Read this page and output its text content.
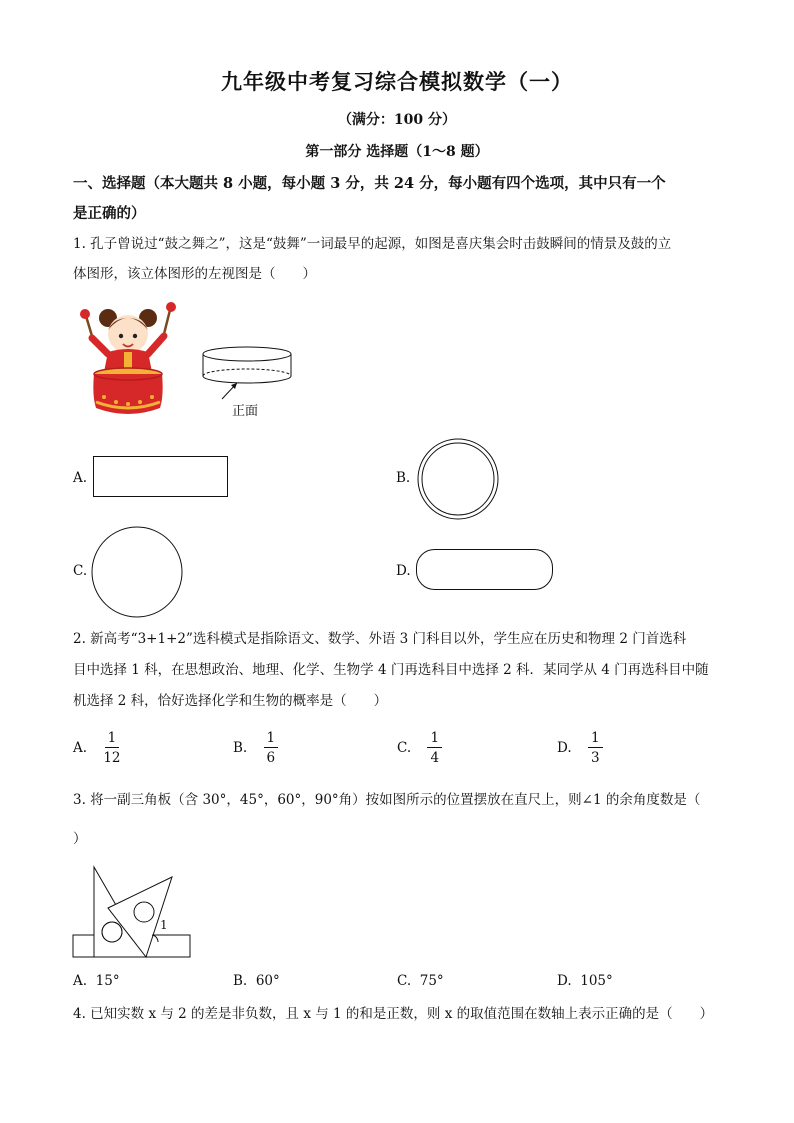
九年级中考复习综合模拟数学（一）
（满分：100 分）
第一部分 选择题（1～8 题）
一、选择题（本大题共 8 小题，每小题 3 分，共 24 分，每小题有四个选项，其中只有一个
是正确的）
1. 孔子曾说过“鼓之舞之”，这是“鼓舞”一词最早的起源，如图是喜庆集会时击鼓瞬间的情景及鼓的立
体图形，该立体图形的左视图是（　　）
正面
A.	B.
C.	D.
2. 新高考“3+1+2”选科模式是指除语文、数学、外语 3 门科目以外，学生应在历史和物理 2 门首选科
目中选择 1 科，在思想政治、地理、化学、生物学 4 门再选科目中选择 2 科．某同学从 4 门再选科目中随
机选择 2 科，恰好选择化学和生物的概率是（　　）
A. $\frac{1}{12}$	B. $\frac{1}{6}$	C. $\frac{1}{4}$	D. $\frac{1}{3}$
3. 将一副三角板（含 30°，45°，60°，90°角）按如图所示的位置摆放在直尺上，则∠1 的余角度数是（
）
1
A. 15°	B. 60°	C. 75°	D. 105°
4. 已知实数 x 与 2 的差是非负数，且 x 与 1 的和是正数，则 x 的取值范围在数轴上表示正确的是（　　）
